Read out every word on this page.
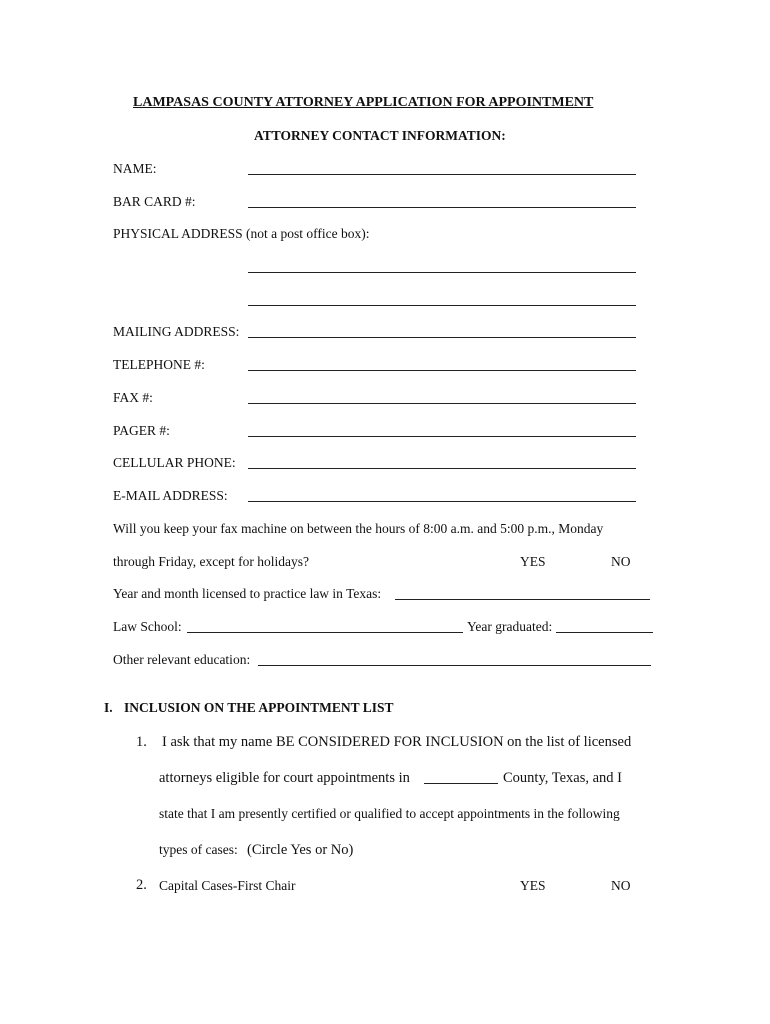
LAMPASAS COUNTY ATTORNEY APPLICATION FOR APPOINTMENT
ATTORNEY CONTACT INFORMATION:
NAME:
BAR CARD #:
PHYSICAL ADDRESS (not a post office box):
MAILING ADDRESS:
TELEPHONE #:
FAX #:
PAGER #:
CELLULAR PHONE:
E-MAIL ADDRESS:
Will you keep your fax machine on between the hours of 8:00 a.m. and 5:00 p.m., Monday
through Friday, except for holidays?	YES	NO
Year and month licensed to practice law in Texas:
Law School:	Year graduated:
Other relevant education:
I. INCLUSION ON THE APPOINTMENT LIST
1. I ask that my name BE CONSIDERED FOR INCLUSION on the list of licensed
attorneys eligible for court appointments in	County, Texas, and I
state that I am presently certified or qualified to accept appointments in the following
types of cases: (Circle Yes or No)
2. Capital Cases-First Chair	YES	NO
